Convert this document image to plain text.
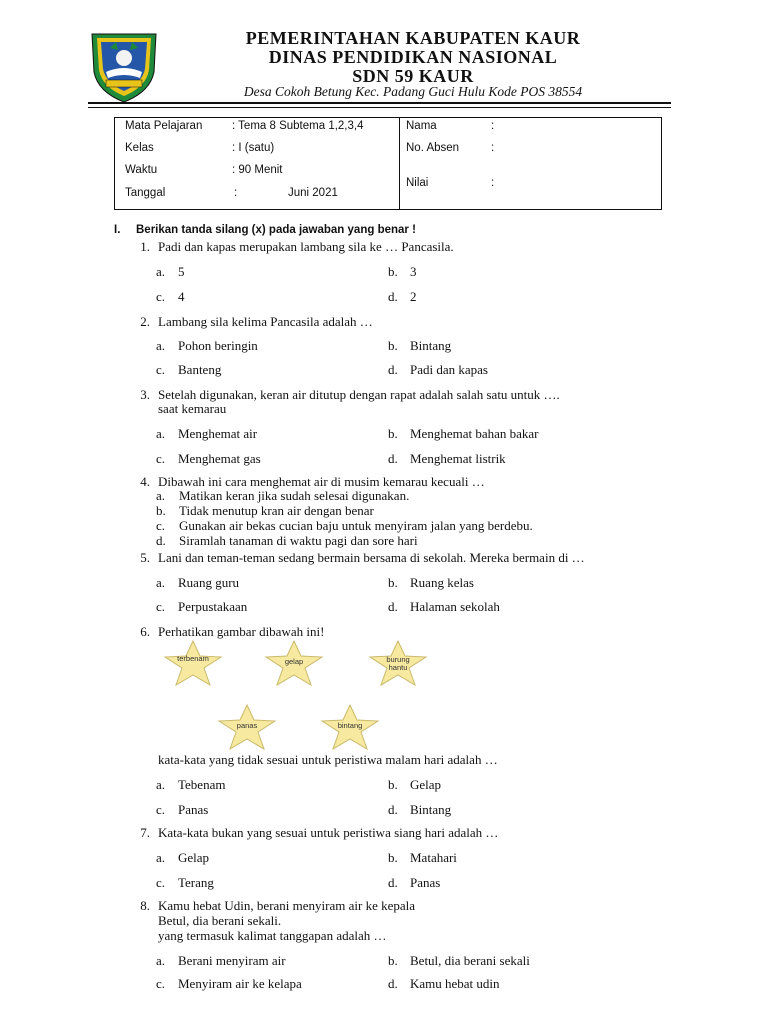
PEMERINTAHAN KABUPATEN KAUR
DINAS PENDIDIKAN NASIONAL
SDN 59 KAUR
Desa Cokoh Betung Kec. Padang Guci Hulu Kode POS 38554
Mata Pelajaran	: Tema 8 Subtema 1,2,3,4
Kelas	: I (satu)
Waktu	: 90 Menit
Tanggal	:	Juni 2021
Nama	:
No. Absen	:
Nilai	:
I. Berikan tanda silang (x) pada jawaban yang benar !
1. Padi dan kapas merupakan lambang sila ke … Pancasila.
a. 5	b. 3
c. 4	d. 2
2. Lambang sila kelima Pancasila adalah …
a. Pohon beringin	b. Bintang
c. Banteng	d. Padi dan kapas
3. Setelah digunakan, keran air ditutup dengan rapat adalah salah satu untuk ….
saat kemarau
a. Menghemat air	b. Menghemat bahan bakar
c. Menghemat gas	d. Menghemat listrik
4. Dibawah ini cara menghemat air di musim kemarau kecuali …
a. Matikan keran jika sudah selesai digunakan.
b. Tidak menutup kran air dengan benar
c. Gunakan air bekas cucian baju untuk menyiram jalan yang berdebu.
d. Siramlah tanaman di waktu pagi dan sore hari
5. Lani dan teman-teman sedang bermain bersama di sekolah. Mereka bermain di …
a. Ruang guru	b. Ruang kelas
c. Perpustakaan	d. Halaman sekolah
6. Perhatikan gambar dibawah ini!
terbenam	gelap	burung hantu
panas	bintang
kata-kata yang tidak sesuai untuk peristiwa malam hari adalah …
a. Tebenam	b. Gelap
c. Panas	d. Bintang
7. Kata-kata bukan yang sesuai untuk peristiwa siang hari adalah …
a. Gelap	b. Matahari
c. Terang	d. Panas
8. Kamu hebat Udin, berani menyiram air ke kepala
Betul, dia berani sekali.
yang termasuk kalimat tanggapan adalah …
a. Berani menyiram air	b. Betul, dia berani sekali
c. Menyiram air ke kelapa	d. Kamu hebat udin
